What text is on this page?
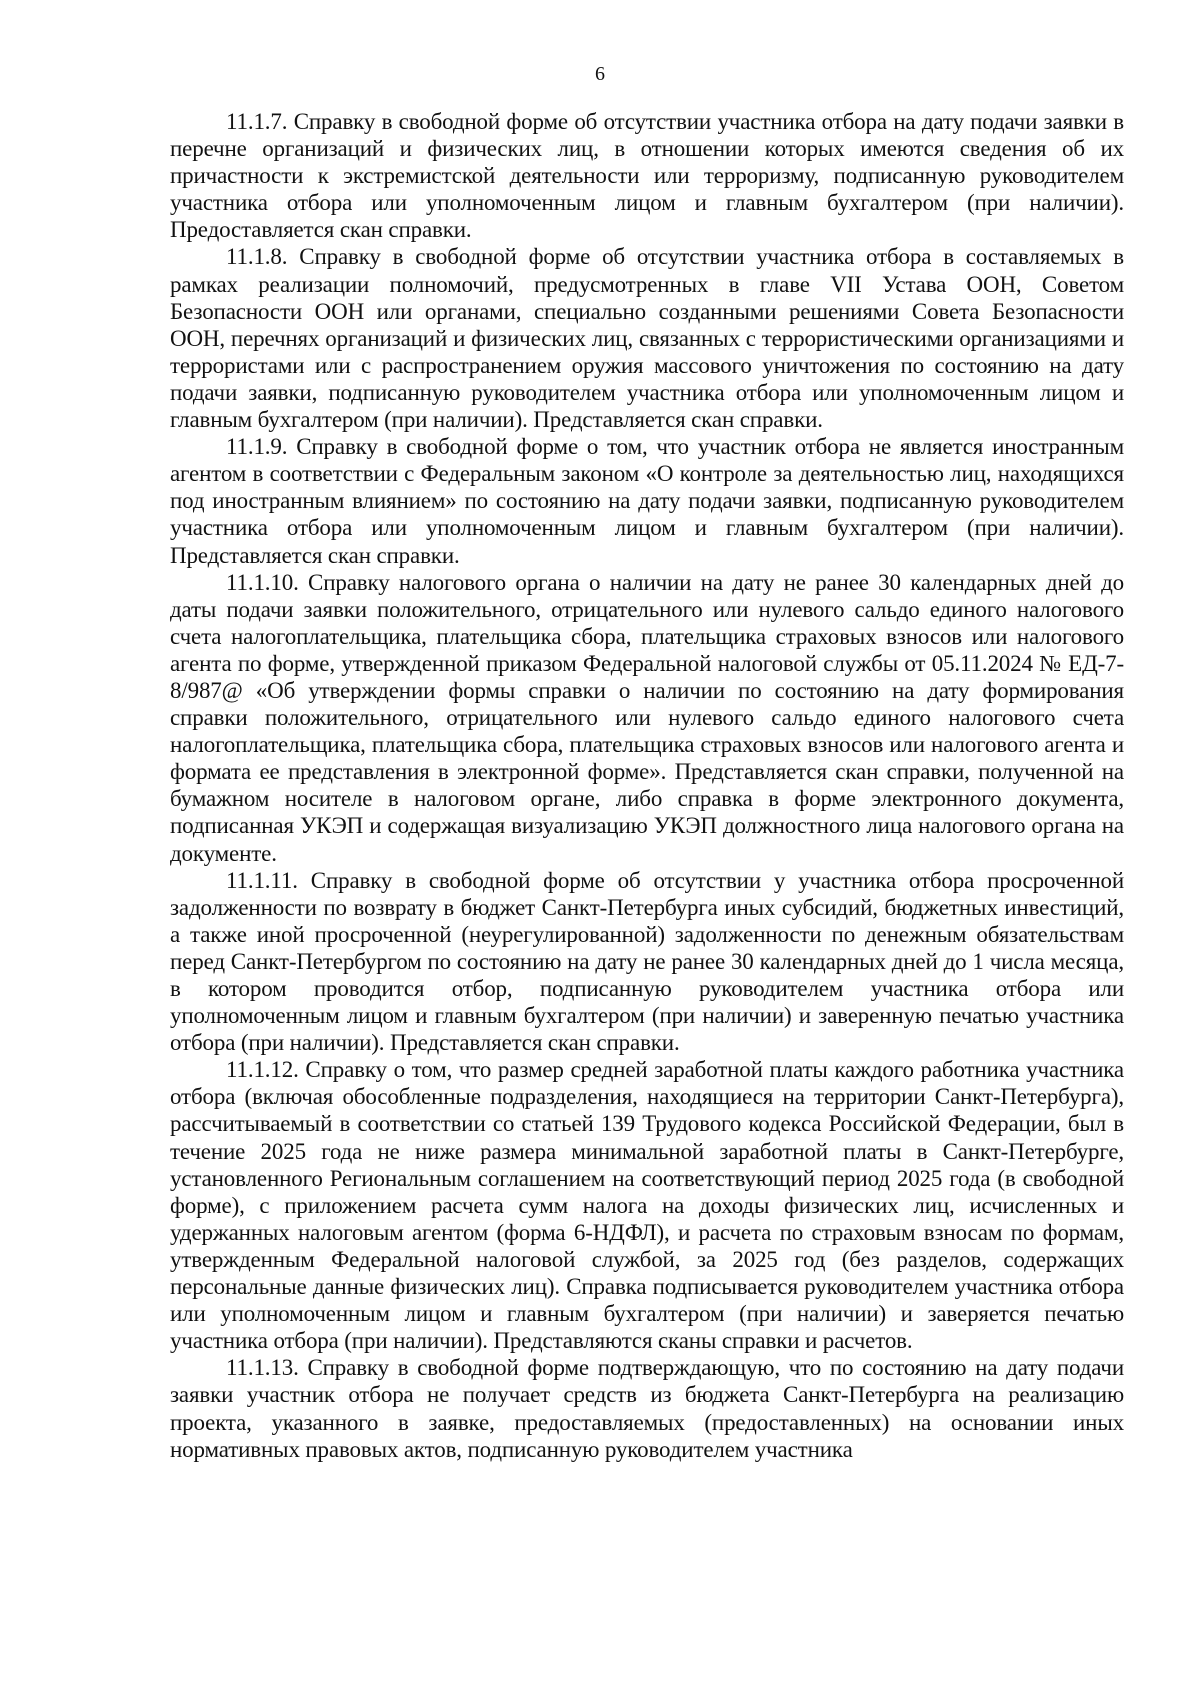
6

11.1.7. Справку в свободной форме об отсутствии участника отбора на дату подачи заявки в перечне организаций и физических лиц, в отношении которых имеются сведения об их причастности к экстремистской деятельности или терроризму, подписанную руководителем участника отбора или уполномоченным лицом и главным бухгалтером (при наличии). Предоставляется скан справки.

11.1.8. Справку в свободной форме об отсутствии участника отбора в составляемых в рамках реализации полномочий, предусмотренных в главе VII Устава ООН, Советом Безопасности ООН или органами, специально созданными решениями Совета Безопасности ООН, перечнях организаций и физических лиц, связанных с террористическими организациями и террористами или с распространением оружия массового уничтожения по состоянию на дату подачи заявки, подписанную руководителем участника отбора или уполномоченным лицом и главным бухгалтером (при наличии). Представляется скан справки.

11.1.9. Справку в свободной форме о том, что участник отбора не является иностранным агентом в соответствии с Федеральным законом «О контроле за деятельностью лиц, находящихся под иностранным влиянием» по состоянию на дату подачи заявки, подписанную руководителем участника отбора или уполномоченным лицом и главным бухгалтером (при наличии). Представляется скан справки.

11.1.10. Справку налогового органа о наличии на дату не ранее 30 календарных дней до даты подачи заявки положительного, отрицательного или нулевого сальдо единого налогового счета налогоплательщика, плательщика сбора, плательщика страховых взносов или налогового агента по форме, утвержденной приказом Федеральной налоговой службы от 05.11.2024 № ЕД-7-8/987@ «Об утверждении формы справки о наличии по состоянию на дату формирования справки положительного, отрицательного или нулевого сальдо единого налогового счета налогоплательщика, плательщика сбора, плательщика страховых взносов или налогового агента и формата ее представления в электронной форме». Представляется скан справки, полученной на бумажном носителе в налоговом органе, либо справка в форме электронного документа, подписанная УКЭП и содержащая визуализацию УКЭП должностного лица налогового органа на документе.

11.1.11. Справку в свободной форме об отсутствии у участника отбора просроченной задолженности по возврату в бюджет Санкт-Петербурга иных субсидий, бюджетных инвестиций, а также иной просроченной (неурегулированной) задолженности по денежным обязательствам перед Санкт-Петербургом по состоянию на дату не ранее 30 календарных дней до 1 числа месяца, в котором проводится отбор, подписанную руководителем участника отбора или уполномоченным лицом и главным бухгалтером (при наличии) и заверенную печатью участника отбора (при наличии). Представляется скан справки.

11.1.12. Справку о том, что размер средней заработной платы каждого работника участника отбора (включая обособленные подразделения, находящиеся на территории Санкт-Петербурга), рассчитываемый в соответствии со статьей 139 Трудового кодекса Российской Федерации, был в течение 2025 года не ниже размера минимальной заработной платы в Санкт-Петербурге, установленного Региональным соглашением на соответствующий период 2025 года (в свободной форме), с приложением расчета сумм налога на доходы физических лиц, исчисленных и удержанных налоговым агентом (форма 6-НДФЛ), и расчета по страховым взносам по формам, утвержденным Федеральной налоговой службой, за 2025 год (без разделов, содержащих персональные данные физических лиц). Справка подписывается руководителем участника отбора или уполномоченным лицом и главным бухгалтером (при наличии) и заверяется печатью участника отбора (при наличии). Представляются сканы справки и расчетов.

11.1.13. Справку в свободной форме подтверждающую, что по состоянию на дату подачи заявки участник отбора не получает средств из бюджета Санкт-Петербурга на реализацию проекта, указанного в заявке, предоставляемых (предоставленных) на основании иных нормативных правовых актов, подписанную руководителем участника
